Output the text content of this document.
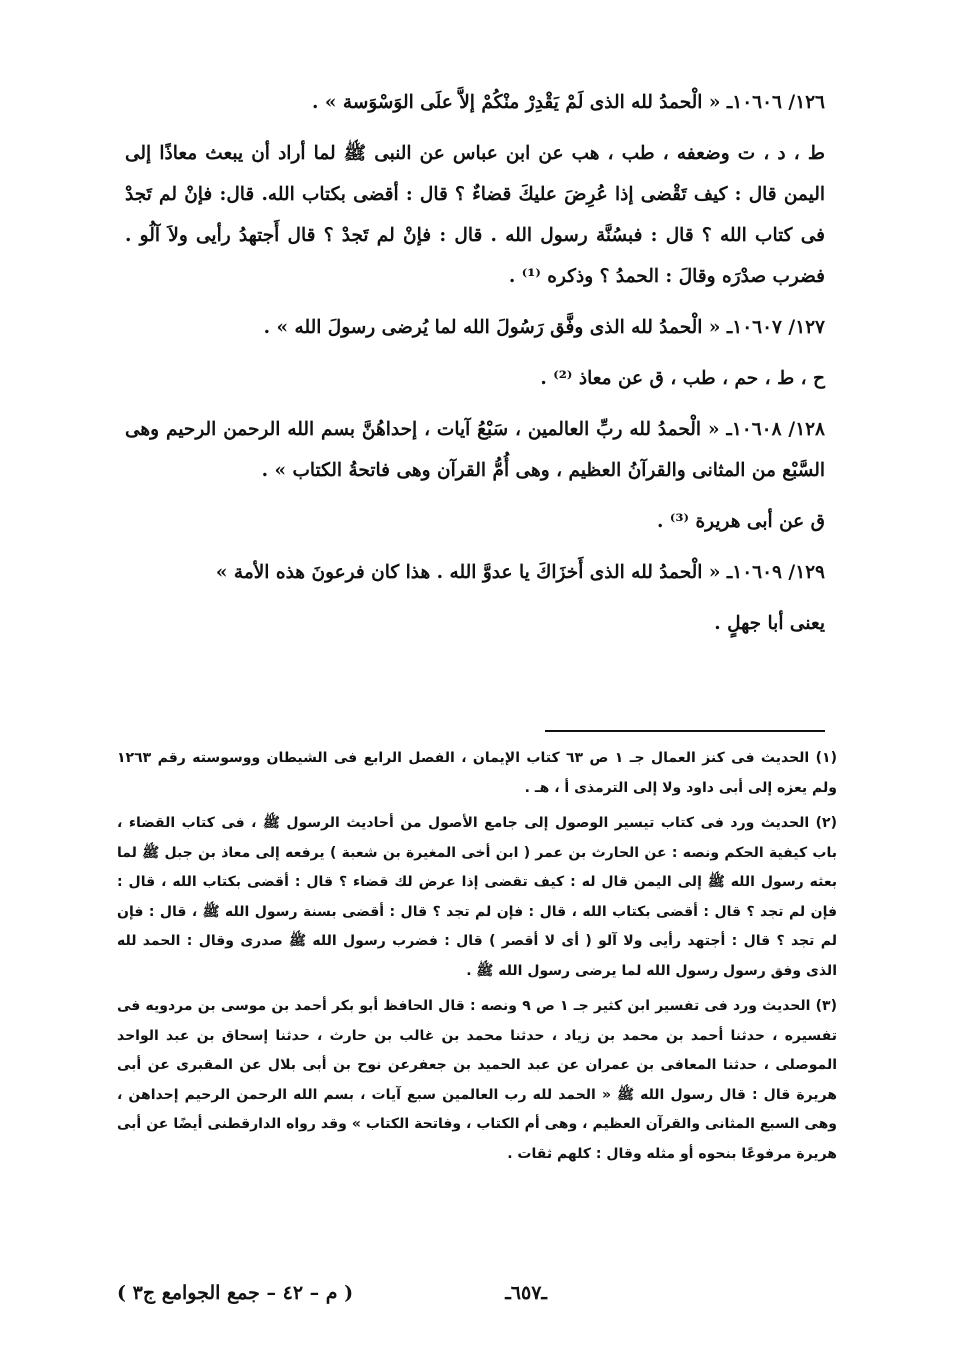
١٢٦/ ١٠٦٠٦ـ « الْحمدُ لله الذى لَمْ يَقْدِرْ منْكُمْ إلاَّ علَى الوَسْوَسة » .

ط ، د ، ت وضعفه ، طب ، هب عن ابن عباس عن النبى ﷺ لما أراد أن يبعث معاذًا إلى اليمن قال : كيف تَقْضى إذا عُرِضَ عليكَ قضاءٌ ؟ قال : أقضى بكتاب الله. قال: فإنْ لم تَجدْ فى كتاب الله ؟ قال : فبسُنَّة رسول الله . قال : فإنْ لم تَجدْ ؟ قال أَجتهدُ رأيى ولاَ آلُو . فضرب صدْرَه وقالَ : الحمدُ ؟ وذكره ⁽¹⁾ .

١٢٧/ ١٠٦٠٧ـ « الْحمدُ لله الذى وفَّق رَسُولَ الله لما يُرضى رسولَ الله » .

ح ، ط ، حم ، طب ، ق عن معاذ ⁽²⁾ .

١٢٨/ ١٠٦٠٨ـ « الْحمدُ لله ربِّ العالمين ، سَبْعُ آيات ، إحداهُنَّ بسم الله الرحمن الرحيم وهى السَّبْع من المثانى والقرآنُ العظيم ، وهى أُمُّ القرآن وهى فاتحةُ الكتاب » .

ق عن أبى هريرة ⁽³⁾ .

١٢٩/ ١٠٦٠٩ـ « الْحمدُ لله الذى أَخزَاكَ يا عدوَّ الله . هذا كان فرعونَ هذه الأمة »

يعنى أبا جهلٍ .

(١) الحديث فى كنز العمال جـ ١ ص ٦٣ كتاب الإيمان ، الفصل الرابع فى الشيطان ووسوسته رقم ١٢٦٣ ولم يعزه إلى أبى داود ولا إلى الترمذى أ ، هـ .

(٢) الحديث ورد فى كتاب تيسير الوصول إلى جامع الأصول من أحاديث الرسول ﷺ ، فى كتاب القضاء ، باب كيفية الحكم ونصه : عن الحارث بن عمر ( ابن أخى المغيرة بن شعبة ) يرفعه إلى معاذ بن جبل ﷺ لما بعثه رسول الله ﷺ إلى اليمن قال له : كيف تقضى إذا عرض لك قضاء ؟ قال : أقضى بكتاب الله ، قال : فإن لم تجد ؟ قال : أقضى بكتاب الله ، قال : فإن لم تجد ؟ قال : أقضى بسنة رسول الله ﷺ ، قال : فإن لم تجد ؟ قال : أجتهد رأيى ولا آلو ( أى لا أقصر ) قال : فضرب رسول الله ﷺ صدرى وقال : الحمد لله الذى وفق رسول رسول الله لما يرضى رسول الله ﷺ .

(٣) الحديث ورد فى تفسير ابن كثير جـ ١ ص ٩ ونصه : قال الحافظ أبو بكر أحمد بن موسى بن مردويه فى تفسيره ، حدثنا أحمد بن محمد بن زياد ، حدثنا محمد بن غالب بن حارث ، حدثنا إسحاق بن عبد الواحد الموصلى ، حدثنا المعافى بن عمران عن عبد الحميد بن جعفرعن نوح بن أبى بلال عن المقبرى عن أبى هريرة قال : قال رسول الله ﷺ « الحمد لله رب العالمين سبع آيات ، بسم الله الرحمن الرحيم إحداهن ، وهى السبع المثانى والقرآن العظيم ، وهى أم الكتاب ، وفاتحة الكتاب » وقد رواه الدارقطنى أيضًا عن أبى هريرة مرفوعًا بنحوه أو مثله وقال : كلهم ثقات .

ـ٦٥٧ـ
( م – ٤٢ – جمع الجوامع ج٣ )
